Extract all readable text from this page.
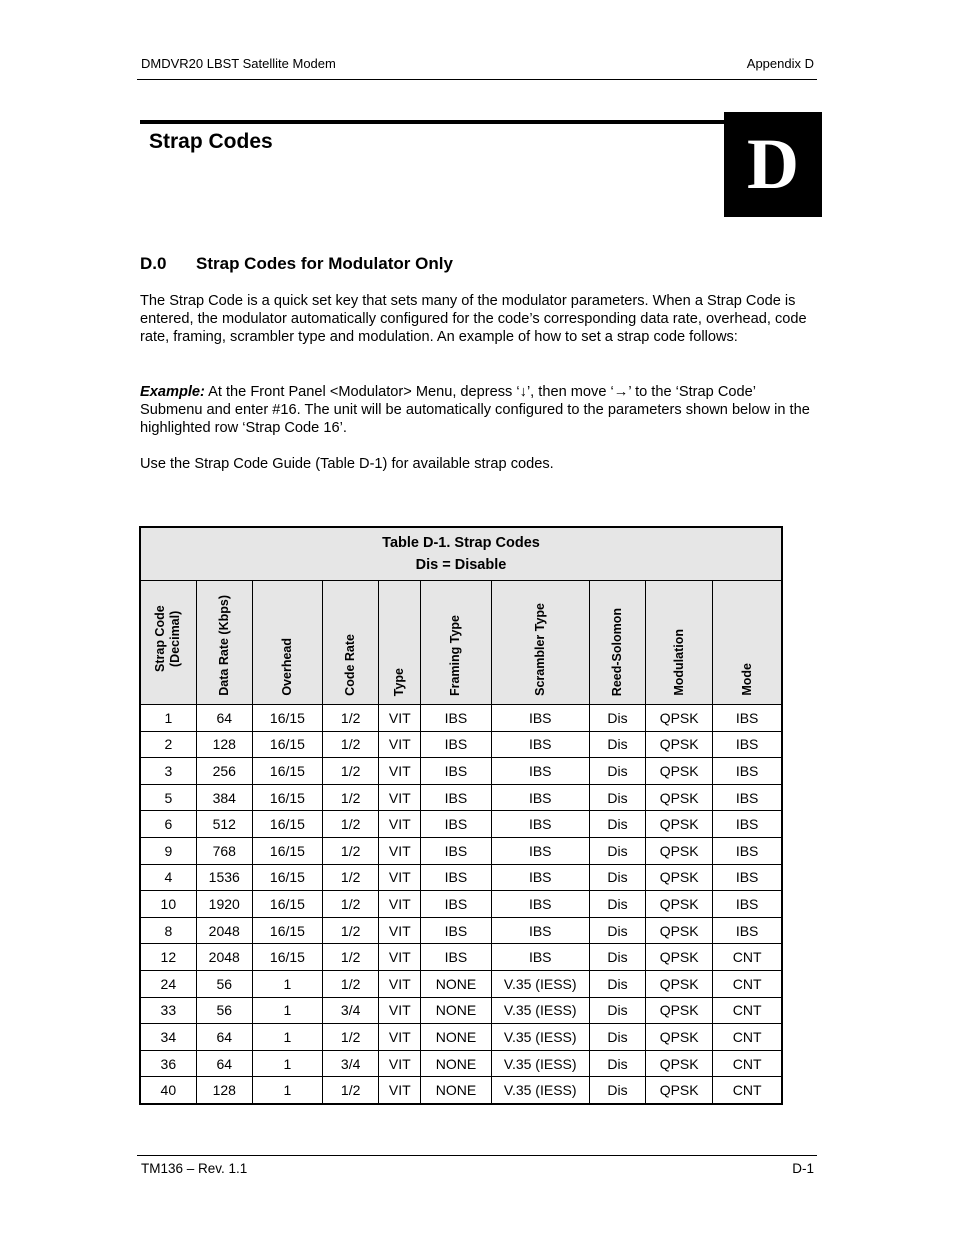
DMDVR20 LBST Satellite Modem	Appendix D
Strap Codes	D
D.0 Strap Codes for Modulator Only
The Strap Code is a quick set key that sets many of the modulator parameters. When a Strap Code is entered, the modulator automatically configured for the code’s corresponding data rate, overhead, code rate, framing, scrambler type and modulation. An example of how to set a strap code follows:
Example: At the Front Panel <Modulator> Menu, depress ‘↓’, then move ‘→’ to the ‘Strap Code’ Submenu and enter #16. The unit will be automatically configured to the parameters shown below in the highlighted row ‘Strap Code 16’.
Use the Strap Code Guide (Table D-1) for available strap codes.
Table D-1. Strap Codes
Dis = Disable									

Strap Code (Decimal)	Data Rate (Kbps)	Overhead	Code Rate	Type	Framing Type	Scrambler Type	Reed-Solomon	Modulation	Mode

1	64	16/15	1/2	VIT	IBS	IBS	Dis	QPSK	IBS
2	128	16/15	1/2	VIT	IBS	IBS	Dis	QPSK	IBS
3	256	16/15	1/2	VIT	IBS	IBS	Dis	QPSK	IBS
5	384	16/15	1/2	VIT	IBS	IBS	Dis	QPSK	IBS
6	512	16/15	1/2	VIT	IBS	IBS	Dis	QPSK	IBS
9	768	16/15	1/2	VIT	IBS	IBS	Dis	QPSK	IBS
4	1536	16/15	1/2	VIT	IBS	IBS	Dis	QPSK	IBS
10	1920	16/15	1/2	VIT	IBS	IBS	Dis	QPSK	IBS
8	2048	16/15	1/2	VIT	IBS	IBS	Dis	QPSK	IBS
12	2048	16/15	1/2	VIT	IBS	IBS	Dis	QPSK	CNT
24	56	1	1/2	VIT	NONE	V.35 (IESS)	Dis	QPSK	CNT
33	56	1	3/4	VIT	NONE	V.35 (IESS)	Dis	QPSK	CNT
34	64	1	1/2	VIT	NONE	V.35 (IESS)	Dis	QPSK	CNT
36	64	1	3/4	VIT	NONE	V.35 (IESS)	Dis	QPSK	CNT
40	128	1	1/2	VIT	NONE	V.35 (IESS)	Dis	QPSK	CNT
TM136 – Rev. 1.1	D-1
